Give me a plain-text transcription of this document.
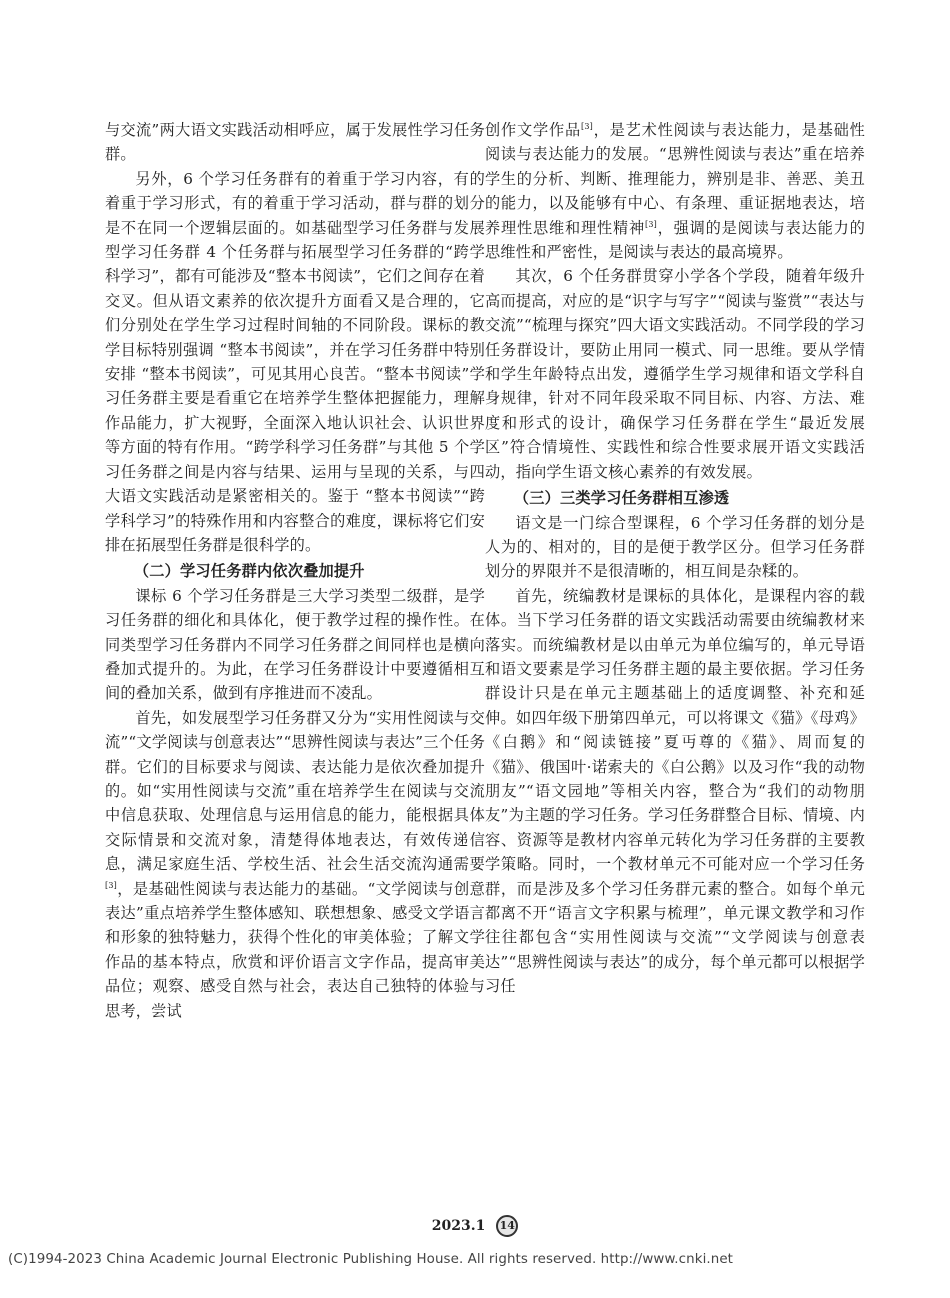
与交流”两大语文实践活动相呼应，属于发展性学习任务群。

另外，6 个学习任务群有的着重于学习内容，有的着重于学习形式，有的着重于学习活动，群与群的划分是不在同一个逻辑层面的。如基础型学习任务群与发展型学习任务群 4 个任务群与拓展型学习任务群的“跨学科学习”，都有可能涉及“整本书阅读”，它们之间存在着交叉。但从语文素养的依次提升方面看又是合理的，它们分别处在学生学习过程时间轴的不同阶段。课标的教学目标特别强调 “整本书阅读”，并在学习任务群中特别安排 “整本书阅读”，可见其用心良苦。“整本书阅读”学习任务群主要是看重它在培养学生整体把握能力，理解作品能力，扩大视野，全面深入地认识社会、认识世界等方面的特有作用。“跨学科学习任务群”与其他 5 个学习任务群之间是内容与结果、运用与呈现的关系，与四大语文实践活动是紧密相关的。鉴于 “整本书阅读”“跨学科学习”的特殊作用和内容整合的难度，课标将它们安排在拓展型任务群是很科学的。

（二）学习任务群内依次叠加提升

课标 6 个学习任务群是三大学习类型二级群，是学习任务群的细化和具体化，便于教学过程的操作性。在同类型学习任务群内不同学习任务群之间同样也是横向叠加式提升的。为此，在学习任务群设计中要遵循相互间的叠加关系，做到有序推进而不凌乱。

首先，如发展型学习任务群又分为“实用性阅读与交流”“文学阅读与创意表达”“思辨性阅读与表达”三个任务群。它们的目标要求与阅读、表达能力是依次叠加提升的。如“实用性阅读与交流”重在培养学生在阅读与交流中信息获取、处理信息与运用信息的能力，能根据具体交际情景和交流对象，清楚得体地表达，有效传递信息，满足家庭生活、学校生活、社会生活交流沟通需要[3]，是基础性阅读与表达能力的基础。“文学阅读与创意表达”重点培养学生整体感知、联想想象、感受文学语言和形象的独特魅力，获得个性化的审美体验；了解文学作品的基本特点，欣赏和评价语言文字作品，提高审美品位；观察、感受自然与社会，表达自己独特的体验与思考，尝试

创作文学作品[3]，是艺术性阅读与表达能力，是基础性阅读与表达能力的发展。“思辨性阅读与表达”重在培养学生的分析、判断、推理能力，辨别是非、善恶、美丑的能力，以及能够有中心、有条理、重证据地表达，培养理性思维和理性精神[3]，强调的是阅读与表达能力的思维性和严密性，是阅读与表达的最高境界。

其次，6 个任务群贯穿小学各个学段，随着年级升高而提高，对应的是“识字与写字”“阅读与鉴赏”“表达与交流”“梳理与探究”四大语文实践活动。不同学段的学习任务群设计，要防止用同一模式、同一思维。要从学情和学生年龄特点出发，遵循学生学习规律和语文学科自身规律，针对不同年段采取不同目标、内容、方法、难度和形式的设计，确保学习任务群在学生“最近发展区”符合情境性、实践性和综合性要求展开语文实践活动，指向学生语文核心素养的有效发展。

（三）三类学习任务群相互渗透

语文是一门综合型课程，6 个学习任务群的划分是人为的、相对的，目的是便于教学区分。但学习任务群划分的界限并不是很清晰的，相互间是杂糅的。

首先，统编教材是课标的具体化，是课程内容的载体。当下学习任务群的语文实践活动需要由统编教材来落实。而统编教材是以由单元为单位编写的，单元导语和语文要素是学习任务群主题的最主要依据。学习任务群设计只是在单元主题基础上的适度调整、补充和延伸。如四年级下册第四单元，可以将课文《猫》《母鸡》《白鹅》和“阅读链接”夏丏尊的《猫》、周而复的《猫》、俄国叶·诺索夫的《白公鹅》以及习作“我的动物朋友”“语文园地”等相关内容，整合为“我们的动物朋友”为主题的学习任务。学习任务群整合目标、情境、内容、资源等是教材内容单元转化为学习任务群的主要教学策略。同时，一个教材单元不可能对应一个学习任务群，而是涉及多个学习任务群元素的整合。如每个单元都离不开“语言文字积累与梳理”，单元课文教学和习作往往都包含“实用性阅读与交流”“文学阅读与创意表达”“思辨性阅读与表达”的成分，每个单元都可以根据学习任

2023.1 14
(C)1994-2023 China Academic Journal Electronic Publishing House. All rights reserved. http://www.cnki.net
